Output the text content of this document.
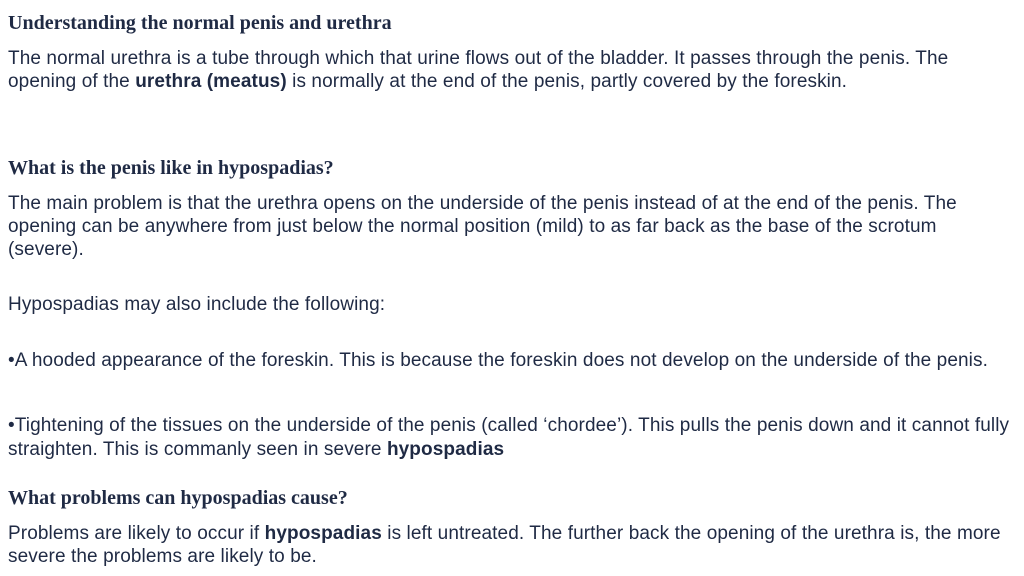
Understanding the normal penis and urethra

The normal urethra is a tube through which that urine flows out of the bladder. It passes through the penis. The opening of the urethra (meatus) is normally at the end of the penis, partly covered by the foreskin.

What is the penis like in hypospadias?

The main problem is that the urethra opens on the underside of the penis instead of at the end of the penis. The opening can be anywhere from just below the normal position (mild) to as far back as the base of the scrotum (severe).

Hypospadias may also include the following:

•A hooded appearance of the foreskin. This is because the foreskin does not develop on the underside of the penis.

•Tightening of the tissues on the underside of the penis (called ‘chordee’). This pulls the penis down and it cannot fully straighten. This is commanly seen in severe hypospadias

What problems can hypospadias cause?

Problems are likely to occur if hypospadias is left untreated. The further back the opening of the urethra is, the more severe the problems are likely to be.
